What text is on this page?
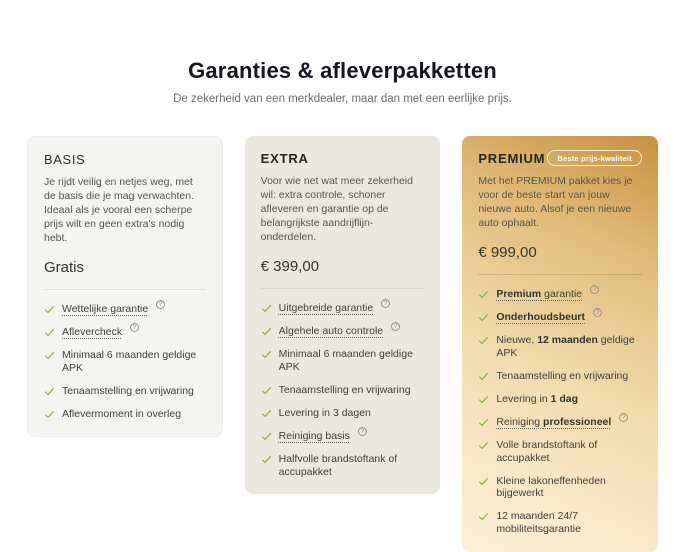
Garanties & afleverpakketten
De zekerheid van een merkdealer, maar dan met een eerlijke prijs.
BASIS

Je rijdt veilig en netjes weg, met de basis die je mag verwachten. Ideaal als je vooral een scherpe prijs wilt en geen extra's nodig hebt.

Gratis
Wettelijke garantie	?
Aflevercheck	?
Minimaal 6 maanden geldige APK
Tenaamstelling en vrijwaring
Aflevermoment in overleg
EXTRA

Voor wie net wat meer zekerheid wil: extra controle, schoner afleveren en garantie op de belangrijkste aandrijflijn-onderdelen.

€ 399,00
Uitgebreide garantie	?
Algehele auto controle	?
Minimaal 6 maanden geldige APK
Tenaamstelling en vrijwaring
Levering in 3 dagen
Reiniging basis	?
Halfvolle brandstoftank of accupakket
PREMIUM	Beste prijs-kwaliteit

Met het PREMIUM pakket kies je voor de beste start van jouw nieuwe auto. Alsof je een nieuwe auto ophaalt.

€ 999,00
Premium garantie	?
Onderhoudsbeurt	?
Nieuwe, 12 maanden geldige APK
Tenaamstelling en vrijwaring
Levering in 1 dag
Reiniging professioneel	?
Volle brandstoftank of accupakket
Kleine lakoneffenheden bijgewerkt
12 maanden 24/7 mobiliteitsgarantie
